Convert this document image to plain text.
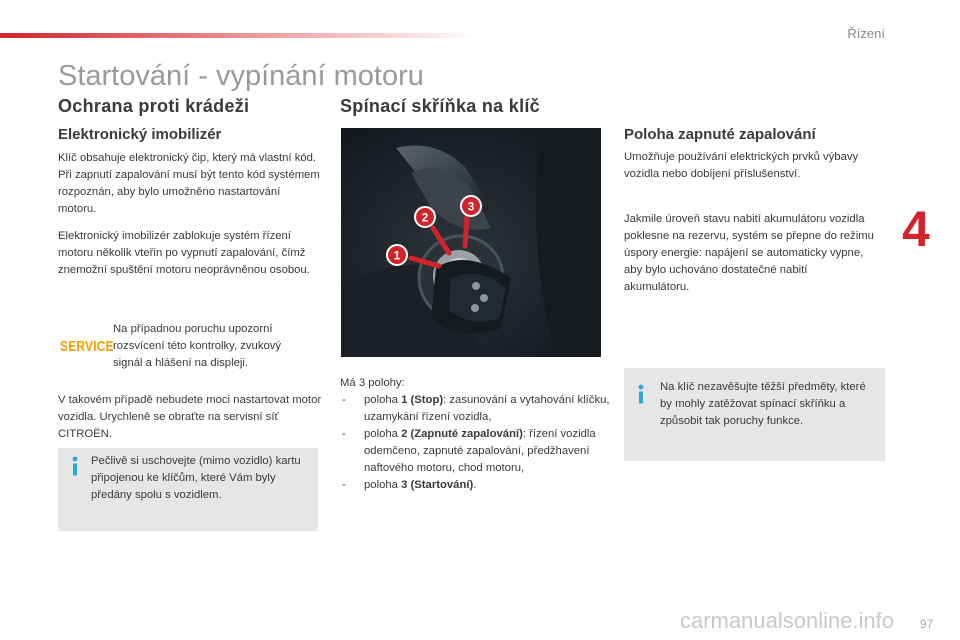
Řízení
4
Startování - vypínání motoru
Ochrana proti krádeži
Elektronický imobilizér

Klíč obsahuje elektronický čip, který má vlastní kód. Při zapnutí zapalování musí být tento kód systémem rozpoznán, aby bylo umožněno nastartování motoru.

Elektronický imobilizér zablokuje systém řízení motoru několik vteřin po vypnutí zapalování, čímž znemožní spuštění motoru neoprávněnou osobou.

SERVICE

Na případnou poruchu upozorní rozsvícení této kontrolky, zvukový signál a hlášení na displeji.

V takovém případě nebudete moci nastartovat motor vozidla. Urychleně se obraťte na servisní síť CITROËN.

Pečlivě si uschovejte (mimo vozidlo) kartu připojenou ke klíčům, které Vám byly předány spolu s vozidlem.

Spínací skříňka na klíč
1
2
3
Má 3 polohy:
- poloha 1 (Stop): zasunování a vytahování klíčku, uzamykání řízení vozidla,
- poloha 2 (Zapnuté zapalování): řízení vozidla odemčeno, zapnuté zapalování, předžhavení naftového motoru, chod motoru,
- poloha 3 (Startování).
Poloha zapnuté zapalování

Umožňuje používání elektrických prvků výbavy vozidla nebo dobíjení příslušenství.

Jakmile úroveň stavu nabití akumulátoru vozidla poklesne na rezervu, systém se přepne do režimu úspory energie: napájení se automaticky vypne, aby bylo uchováno dostatečné nabití akumulátoru.

Na klíč nezavěšujte těžší předměty, které by mohly zatěžovat spínací skříňku a způsobit tak poruchy funkce.

carmanualsonline.info 97
